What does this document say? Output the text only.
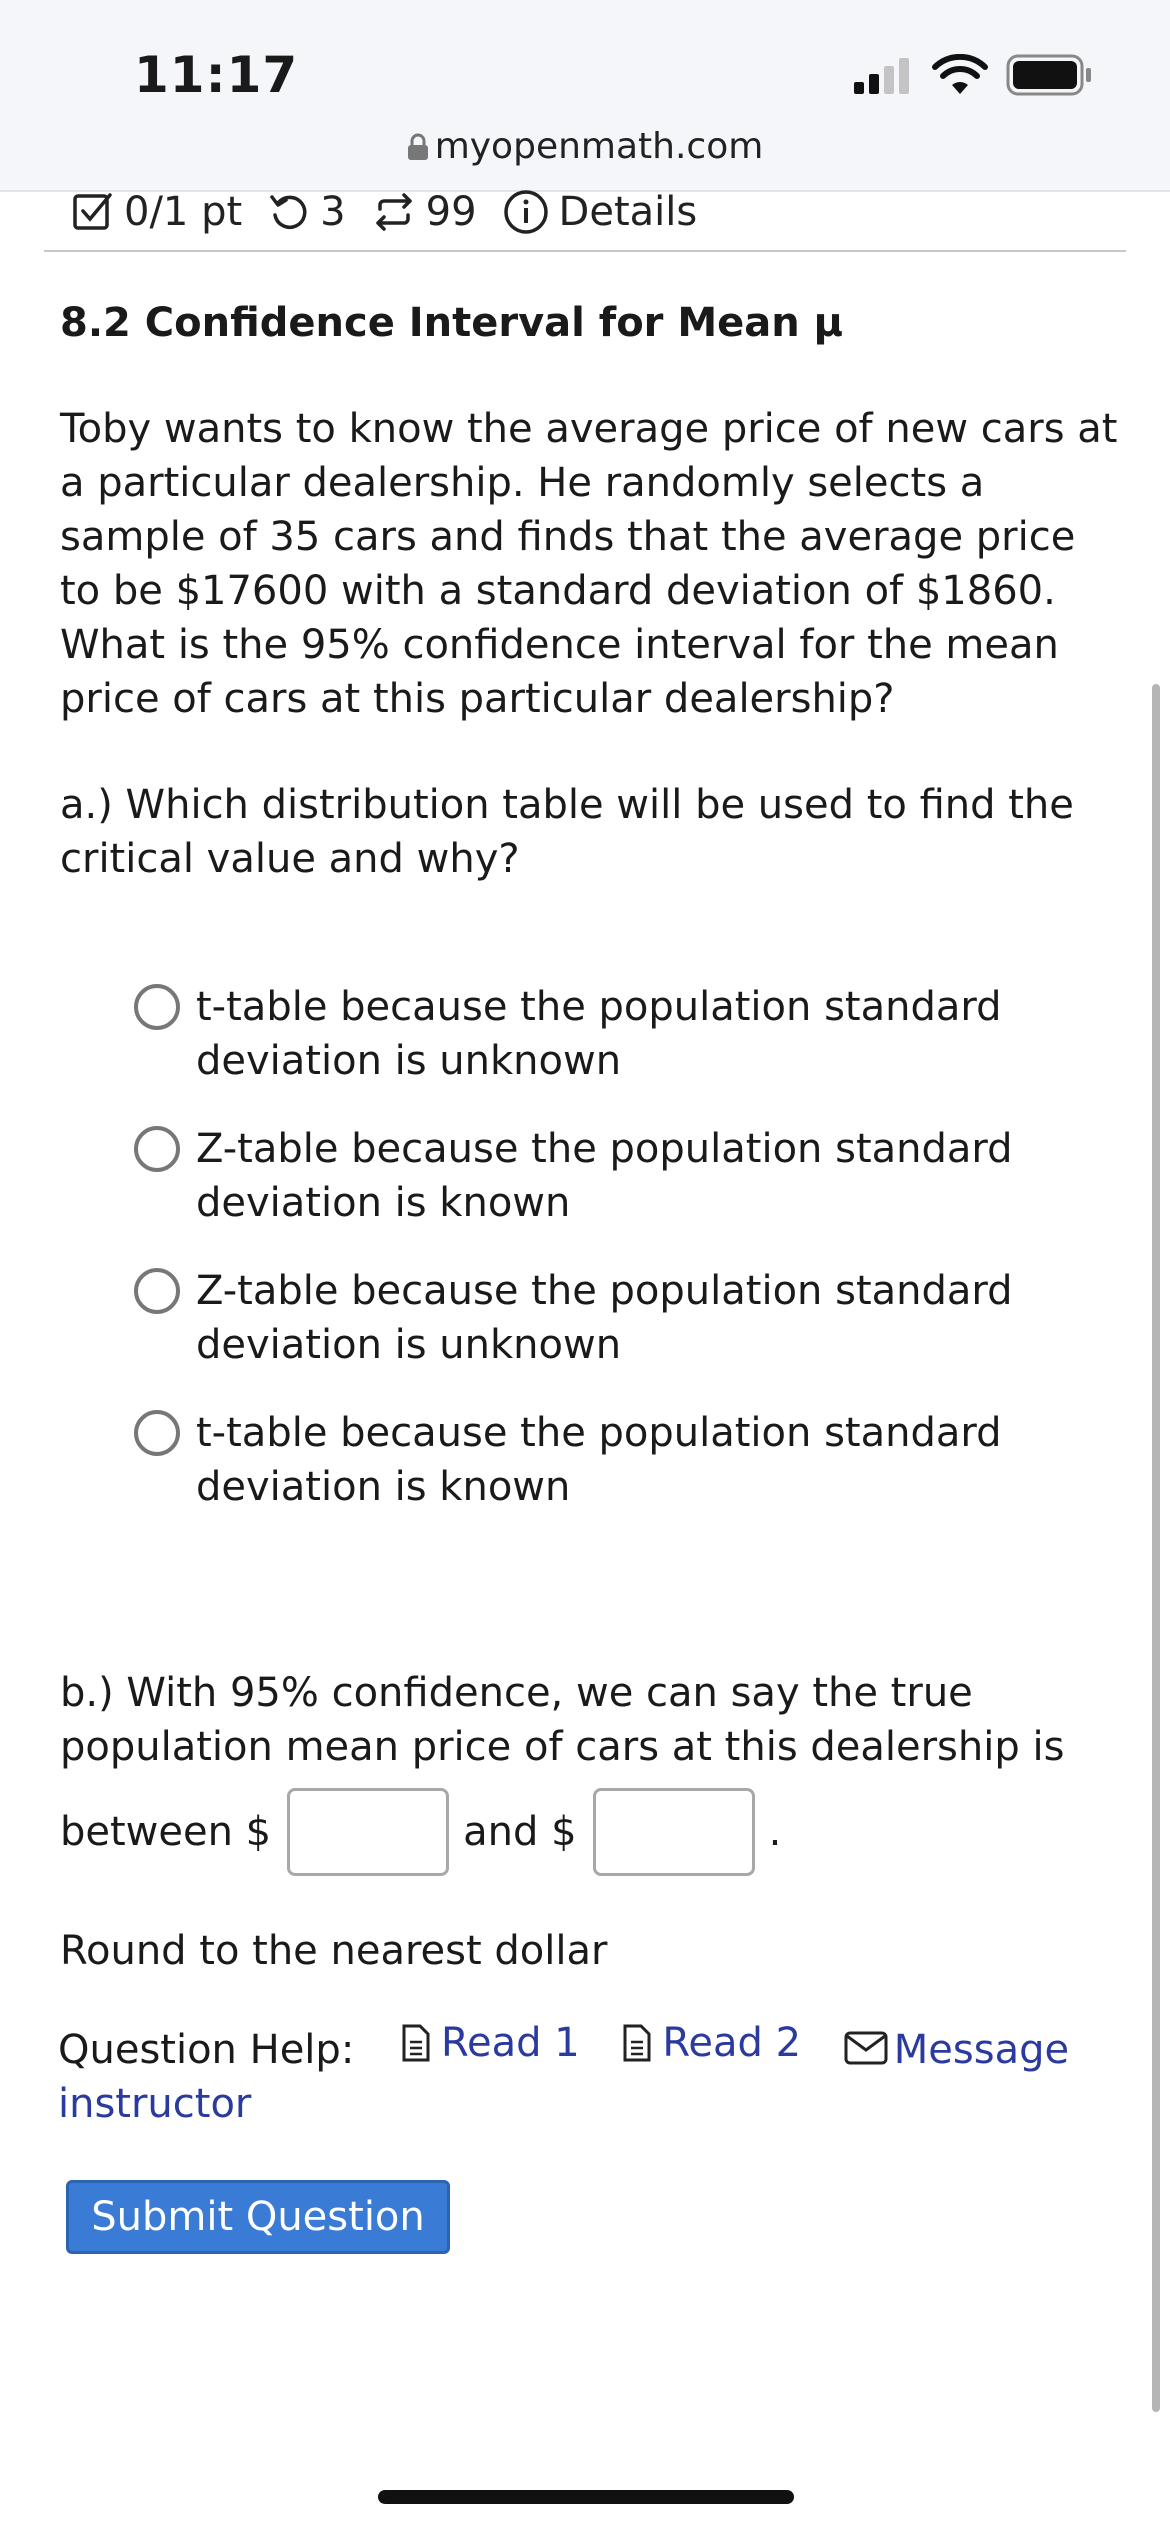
11:17
myopenmath.com
0/1 pt 3 99 Details
8.2 Confidence Interval for Mean μ
Toby wants to know the average price of new cars at a particular dealership. He randomly selects a sample of 35 cars and finds that the average price to be $17600 with a standard deviation of $1860. What is the 95% confidence interval for the mean price of cars at this particular dealership?
a.) Which distribution table will be used to find the critical value and why?
t-table because the population standard deviation is unknown
Z-table because the population standard deviation is known
Z-table because the population standard deviation is unknown
t-table because the population standard deviation is known
b.) With 95% confidence, we can say the true population mean price of cars at this dealership is
between $	and $	.
Round to the nearest dollar
Question Help: Read 1
Read 2 Message instructor
Submit Question
